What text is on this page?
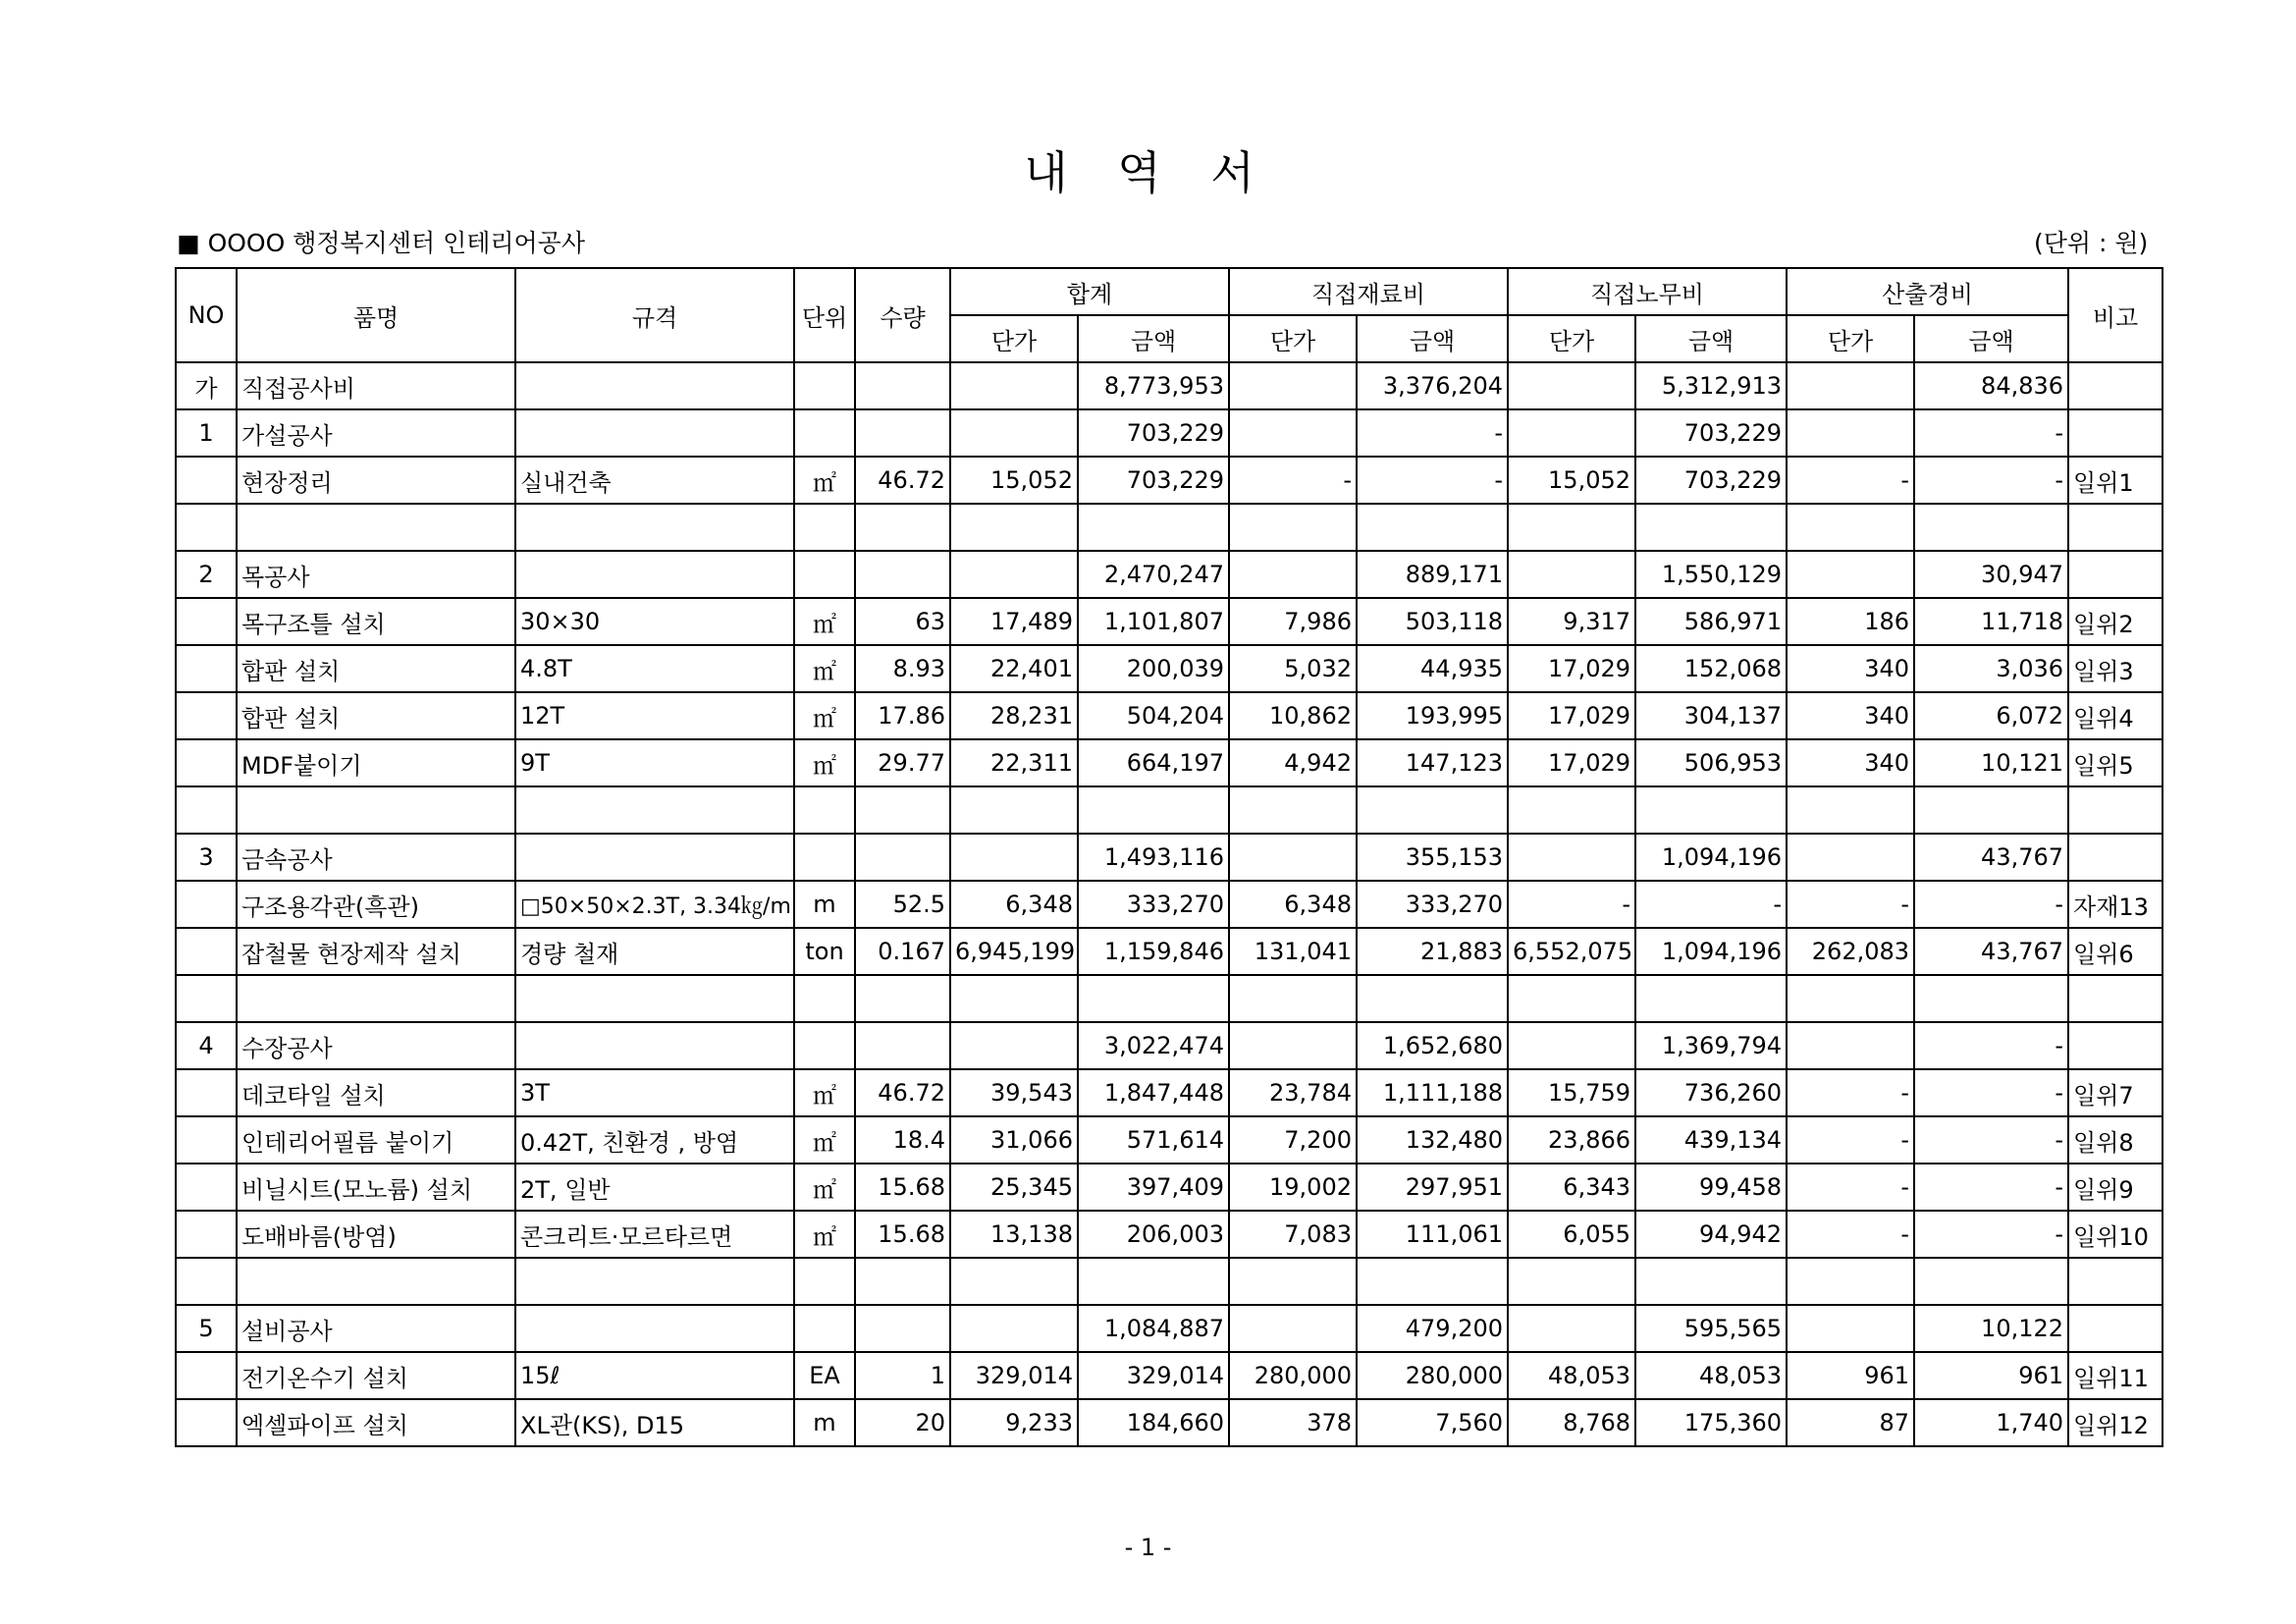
내 역 서
■ OOOO 행정복지센터 인테리어공사	(단위 : 원)
NO	품명	규격	단위	수량	합계		직접재료비		직접노무비		산출경비		비고
					단가	금액	단가	금액	단가	금액	단가	금액	
가	직접공사비					8,773,953		3,376,204		5,312,913		84,836	
1	가설공사					703,229		-		703,229		-	
	현장정리	실내건축	㎡	46.72	15,052	703,229	-	-	15,052	703,229	-	-	일위1

2	목공사					2,470,247		889,171		1,550,129		30,947	
	목구조틀 설치	30×30	㎡	63	17,489	1,101,807	7,986	503,118	9,317	586,971	186	11,718	일위2
	합판 설치	4.8T	㎡	8.93	22,401	200,039	5,032	44,935	17,029	152,068	340	3,036	일위3
	합판 설치	12T	㎡	17.86	28,231	504,204	10,862	193,995	17,029	304,137	340	6,072	일위4
	MDF붙이기	9T	㎡	29.77	22,311	664,197	4,942	147,123	17,029	506,953	340	10,121	일위5

3	금속공사					1,493,116		355,153		1,094,196		43,767	
	구조용각관(흑관)	□50×50×2.3T, 3.34㎏/m	m	52.5	6,348	333,270	6,348	333,270	-	-	-	-	자재13
	잡철물 현장제작 설치	경량 철재	ton	0.167	6,945,199	1,159,846	131,041	21,883	6,552,075	1,094,196	262,083	43,767	일위6

4	수장공사					3,022,474		1,652,680		1,369,794		-	
	데코타일 설치	3T	㎡	46.72	39,543	1,847,448	23,784	1,111,188	15,759	736,260	-	-	일위7
	인테리어필름 붙이기	0.42T, 친환경 , 방염	㎡	18.4	31,066	571,614	7,200	132,480	23,866	439,134	-	-	일위8
	비닐시트(모노륨) 설치	2T, 일반	㎡	15.68	25,345	397,409	19,002	297,951	6,343	99,458	-	-	일위9
	도배바름(방염)	콘크리트·모르타르면	㎡	15.68	13,138	206,003	7,083	111,061	6,055	94,942	-	-	일위10

5	설비공사					1,084,887		479,200		595,565		10,122	
	전기온수기 설치	15ℓ	EA	1	329,014	329,014	280,000	280,000	48,053	48,053	961	961	일위11
	엑셀파이프 설치	XL관(KS), D15	m	20	9,233	184,660	378	7,560	8,768	175,360	87	1,740	일위12
- 1 -
